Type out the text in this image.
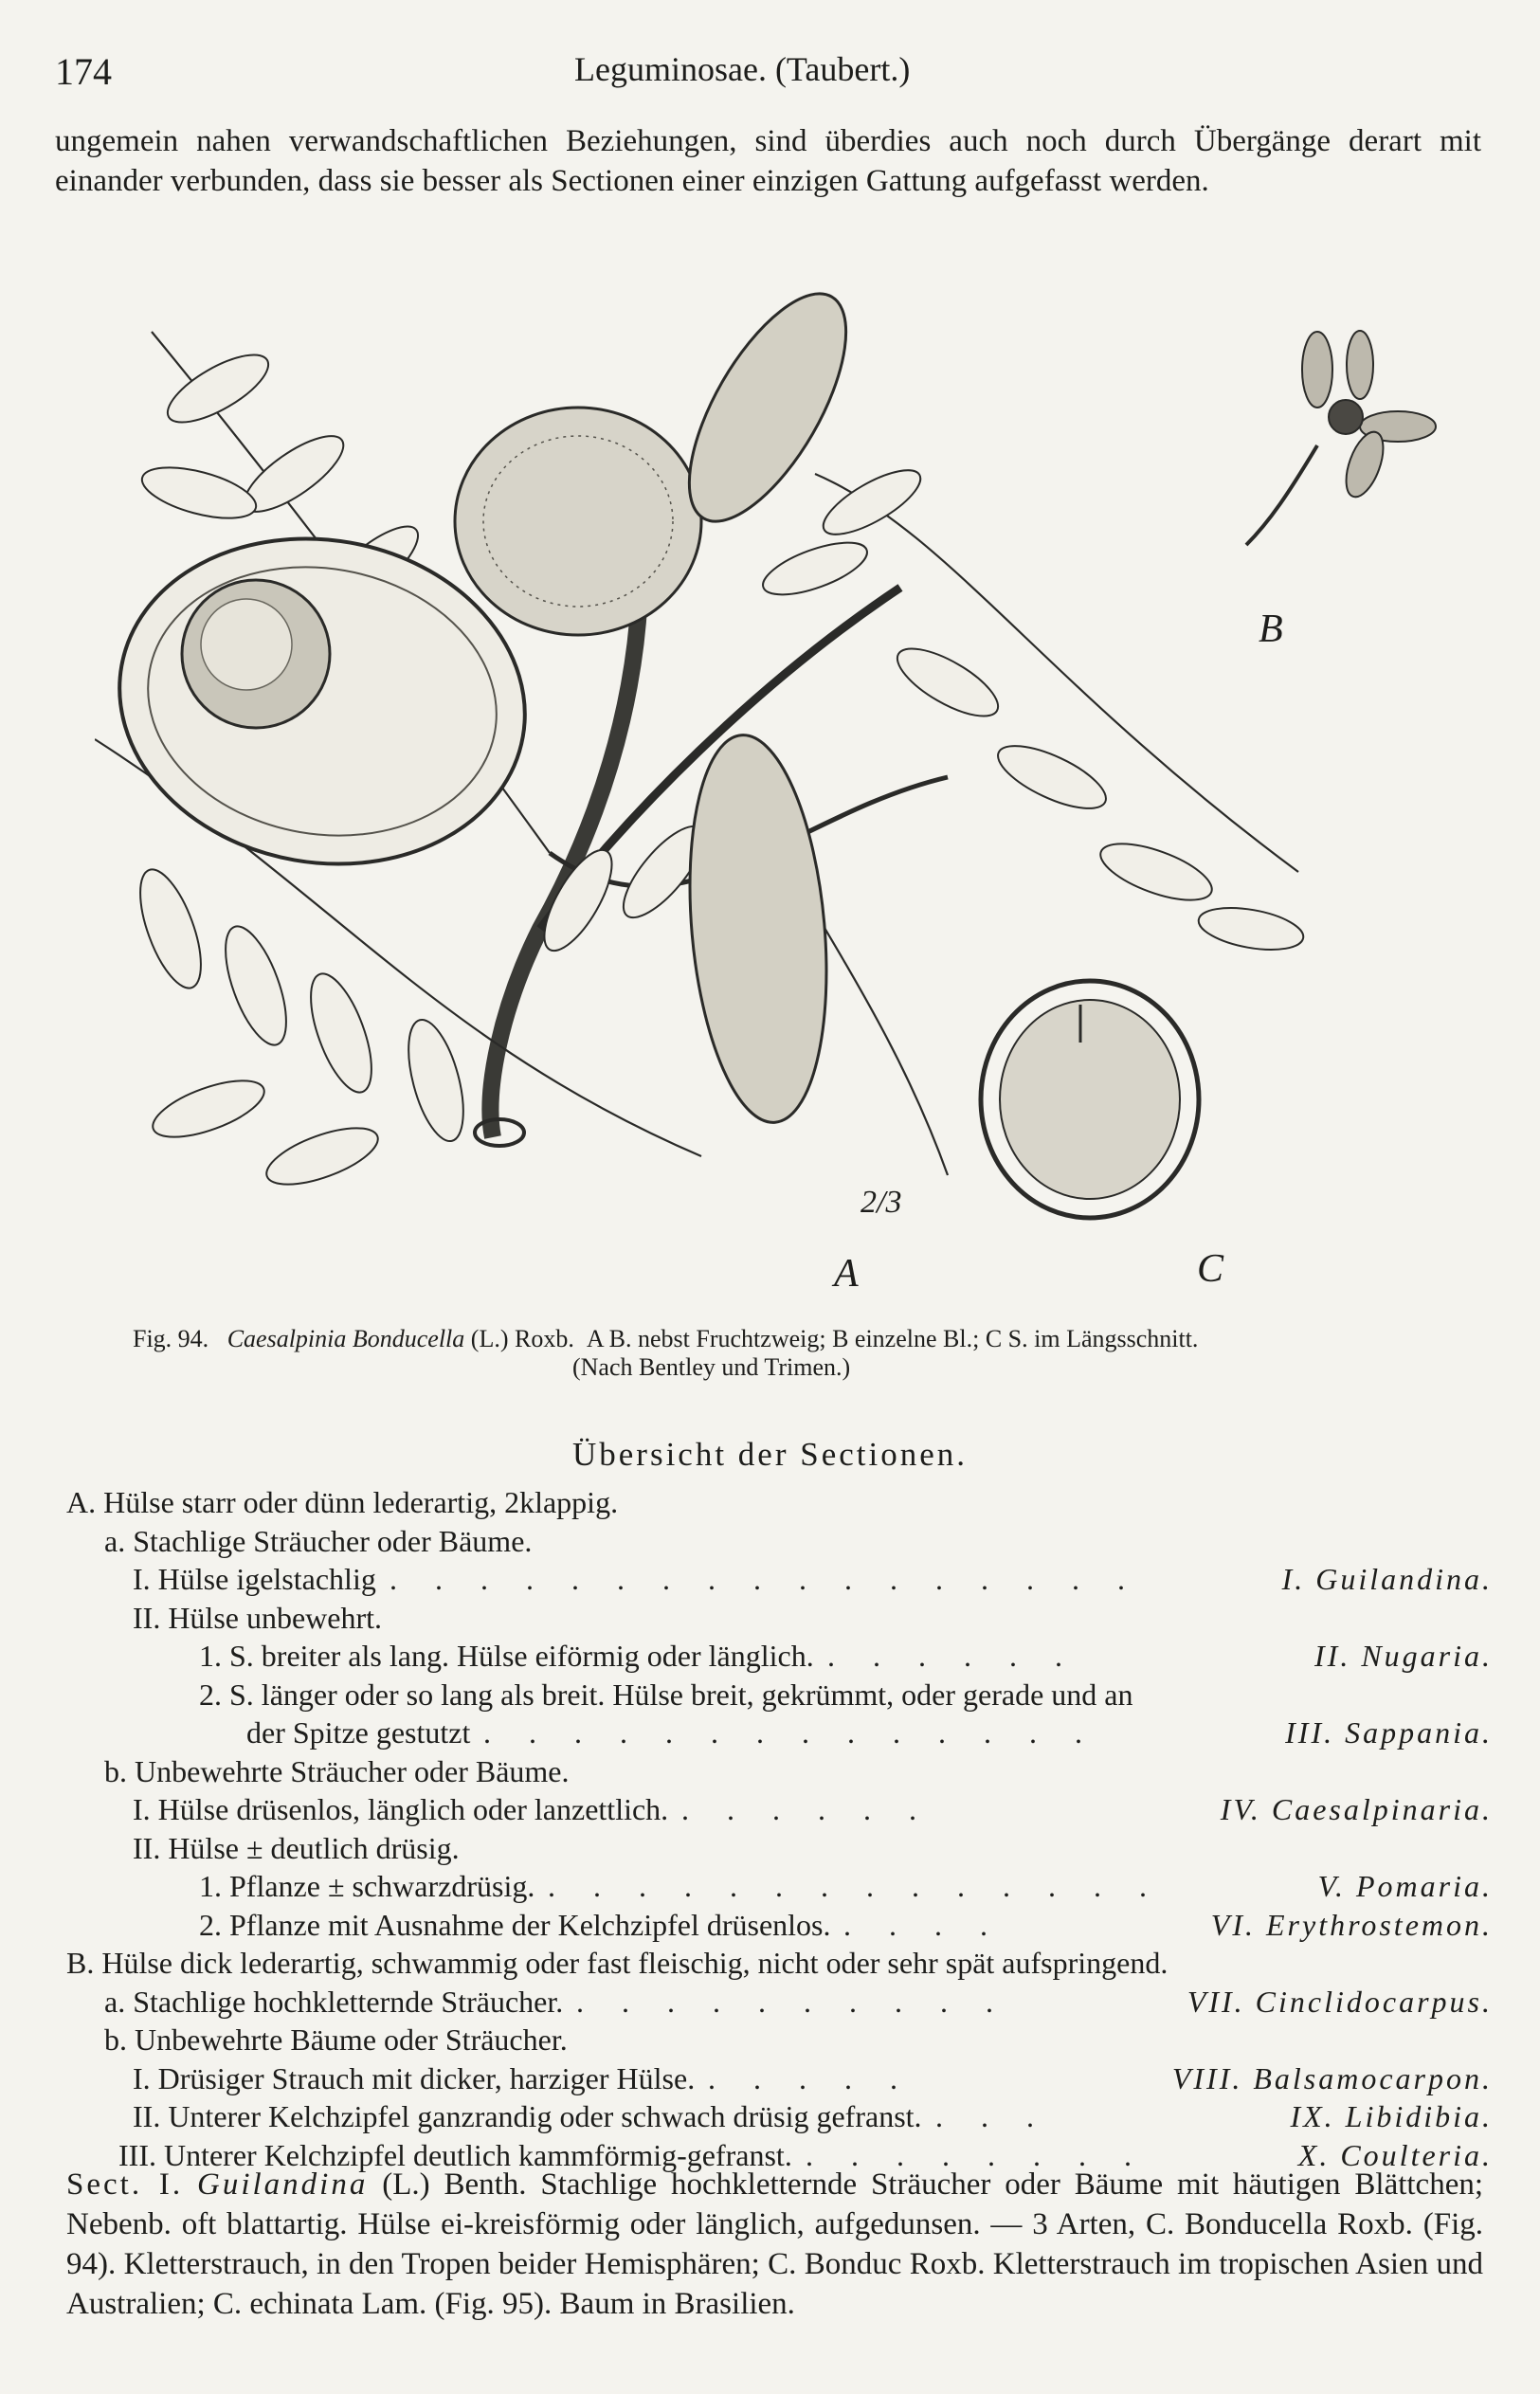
174	Leguminosae. (Taubert.)
ungemein nahen verwandschaftlichen Beziehungen, sind überdies auch noch durch Übergänge derart mit einander verbunden, dass sie besser als Sectionen einer einzigen Gattung aufgefasst werden.
B
A	C
2/3
Fig. 94. Caesalpinia Bonducella (L.) Roxb. A B. nebst Fruchtzweig; B einzelne Bl.; C S. im Längsschnitt.
(Nach Bentley und Trimen.)
Übersicht der Sectionen.
A. Hülse starr oder dünn lederartig, 2klappig.
a. Stachlige Sträucher oder Bäume.
I. Hülse igelstachlig . . . . . . . . . . . . . . . . .	I. Guilandina.
II. Hülse unbewehrt.
1. S. breiter als lang. Hülse eiförmig oder länglich. . . . . . .	II. Nugaria.
2. S. länger oder so lang als breit. Hülse breit, gekrümmt, oder gerade und an
der Spitze gestutzt . . . . . . . . . . . . . .	III. Sappania.
b. Unbewehrte Sträucher oder Bäume.
I. Hülse drüsenlos, länglich oder lanzettlich. . . . . . .	IV. Caesalpinaria.
II. Hülse ± deutlich drüsig.
1. Pflanze ± schwarzdrüsig. . . . . . . . . . . . . . .	V. Pomaria.
2. Pflanze mit Ausnahme der Kelchzipfel drüsenlos. . . . .	VI. Erythrostemon.
B. Hülse dick lederartig, schwammig oder fast fleischig, nicht oder sehr spät aufspringend.
a. Stachlige hochkletternde Sträucher. . . . . . . . . . .	VII. Cinclidocarpus.
b. Unbewehrte Bäume oder Sträucher.
I. Drüsiger Strauch mit dicker, harziger Hülse. . . . . .	VIII. Balsamocarpon.
II. Unterer Kelchzipfel ganzrandig oder schwach drüsig gefranst. . . .	IX. Libidibia.
III. Unterer Kelchzipfel deutlich kammförmig-gefranst. . . . . . . . .	X. Coulteria.
Sect. I. Guilandina (L.) Benth. Stachlige hochkletternde Sträucher oder Bäume mit häutigen Blättchen; Nebenb. oft blattartig. Hülse ei-kreisförmig oder länglich, aufgedunsen. — 3 Arten, C. Bonducella Roxb. (Fig. 94). Kletterstrauch, in den Tropen beider Hemisphären; C. Bonduc Roxb. Kletterstrauch im tropischen Asien und Australien; C. echinata Lam. (Fig. 95). Baum in Brasilien.
